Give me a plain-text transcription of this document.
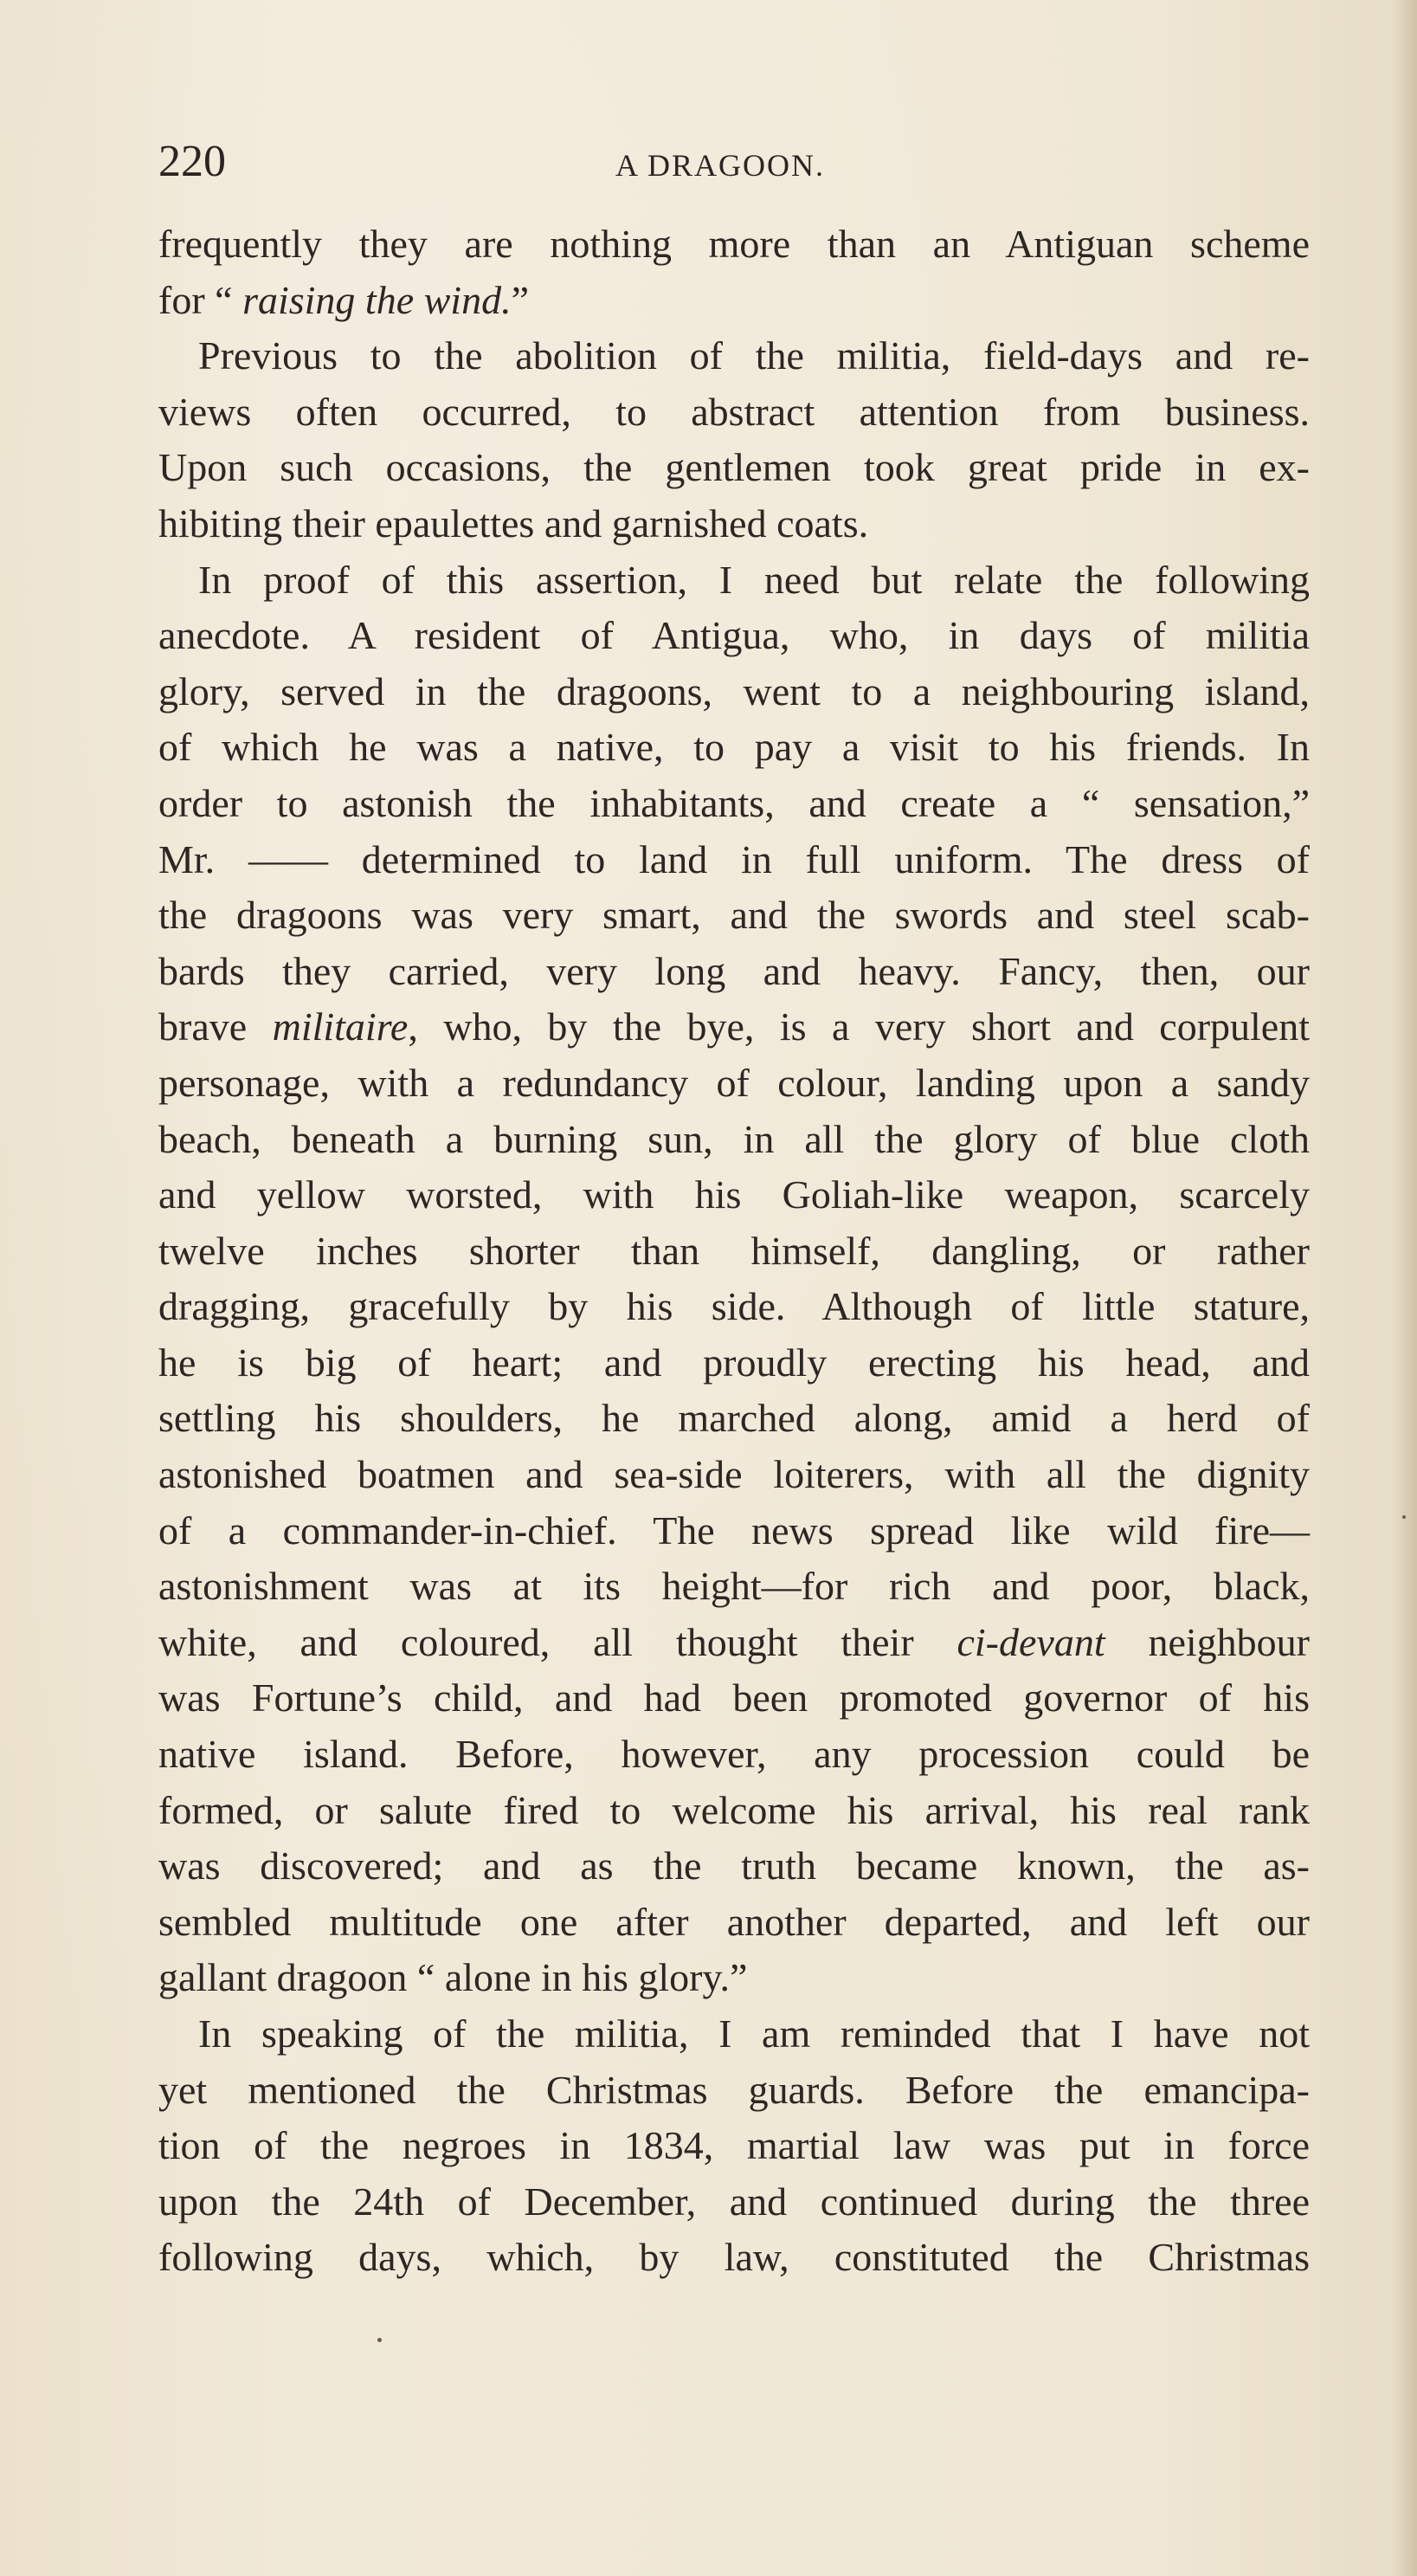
220	A DRAGOON.
frequently they are nothing more than an Antiguan scheme
for “ raising the wind.”
Previous to the abolition of the militia, field-days and re-
views often occurred, to abstract attention from business.
Upon such occasions, the gentlemen took great pride in ex-
hibiting their epaulettes and garnished coats.
In proof of this assertion, I need but relate the following
anecdote. A resident of Antigua, who, in days of militia
glory, served in the dragoons, went to a neighbouring island,
of which he was a native, to pay a visit to his friends. In
order to astonish the inhabitants, and create a “ sensation,”
Mr. —— determined to land in full uniform. The dress of
the dragoons was very smart, and the swords and steel scab-
bards they carried, very long and heavy. Fancy, then, our
brave militaire, who, by the bye, is a very short and corpulent
personage, with a redundancy of colour, landing upon a sandy
beach, beneath a burning sun, in all the glory of blue cloth
and yellow worsted, with his Goliah-like weapon, scarcely
twelve inches shorter than himself, dangling, or rather
dragging, gracefully by his side. Although of little stature,
he is big of heart; and proudly erecting his head, and
settling his shoulders, he marched along, amid a herd of
astonished boatmen and sea-side loiterers, with all the dignity
of a commander-in-chief. The news spread like wild fire—
astonishment was at its height—for rich and poor, black,
white, and coloured, all thought their ci-devant neighbour
was Fortune’s child, and had been promoted governor of his
native island. Before, however, any procession could be
formed, or salute fired to welcome his arrival, his real rank
was discovered; and as the truth became known, the as-
sembled multitude one after another departed, and left our
gallant dragoon “ alone in his glory.”
In speaking of the militia, I am reminded that I have not
yet mentioned the Christmas guards. Before the emancipa-
tion of the negroes in 1834, martial law was put in force
upon the 24th of December, and continued during the three
following days, which, by law, constituted the Christmas
